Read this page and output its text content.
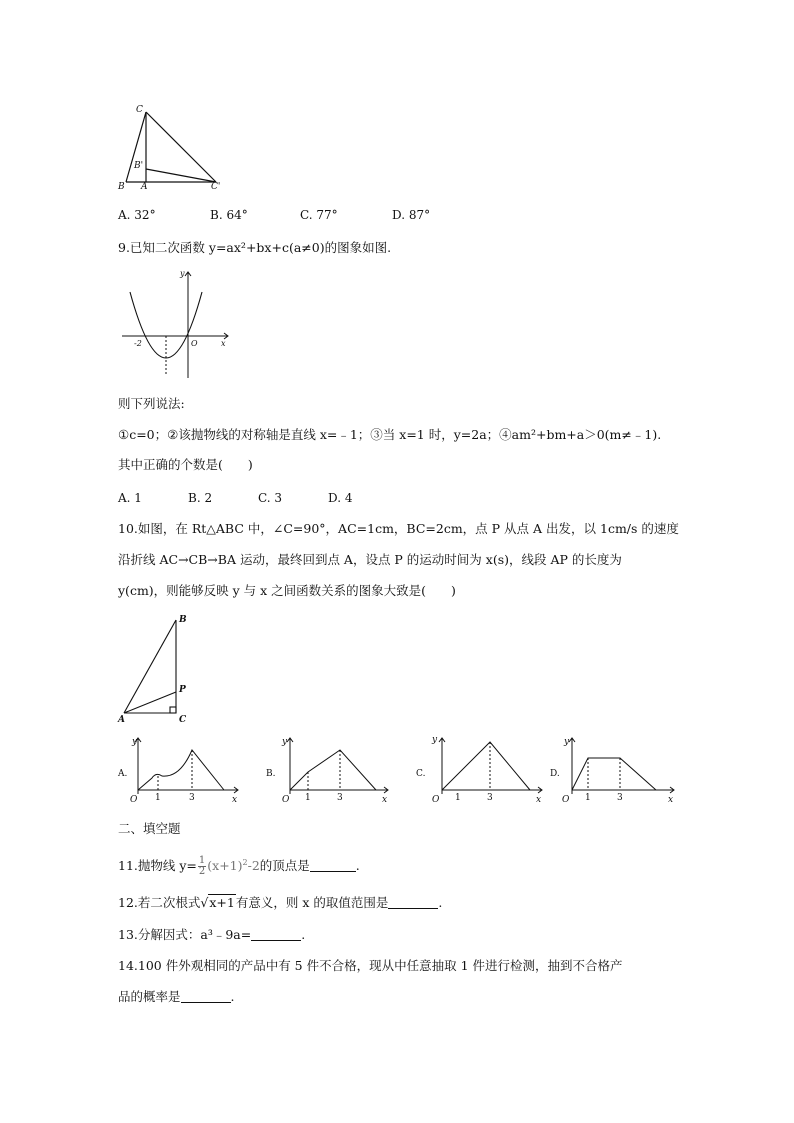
C
B'
B A	C'
A. 32°	B. 64°	C. 77°	D. 87°
9.已知二次函数 y=ax²+bx+c(a≠0)的图象如图.
y
x
-2	O
则下列说法:
①c=0；②该抛物线的对称轴是直线 x=﹣1；③当 x=1 时，y=2a；④am²+bm+a＞0(m≠﹣1).
其中正确的个数是(　　)
A. 1	B. 2	C. 3	D. 4
10.如图，在 Rt△ABC 中，∠C=90°，AC=1cm，BC=2cm，点 P 从点 A 出发，以 1cm/s 的速度
沿折线 AC→CB→BA 运动，最终回到点 A，设点 P 的运动时间为 x(s)，线段 AP 的长度为
y(cm)，则能够反映 y 与 x 之间函数关系的图象大致是(　　)
B
P
A	C
A.
y
x
O 1	3
B.
y
x
O 1	3
C.
y
x
O 1	3
D.
y
x
O 1	3
二、填空题
11.抛物线 $y= \frac{1}{2} (x+1)^2-2$的顶点是	.
12.若二次根式√x+1有意义，则 x 的取值范围是	.
13.分解因式：a³﹣9a=	.
14.100 件外观相同的产品中有 5 件不合格，现从中任意抽取 1 件进行检测，抽到不合格产
品的概率是	.
